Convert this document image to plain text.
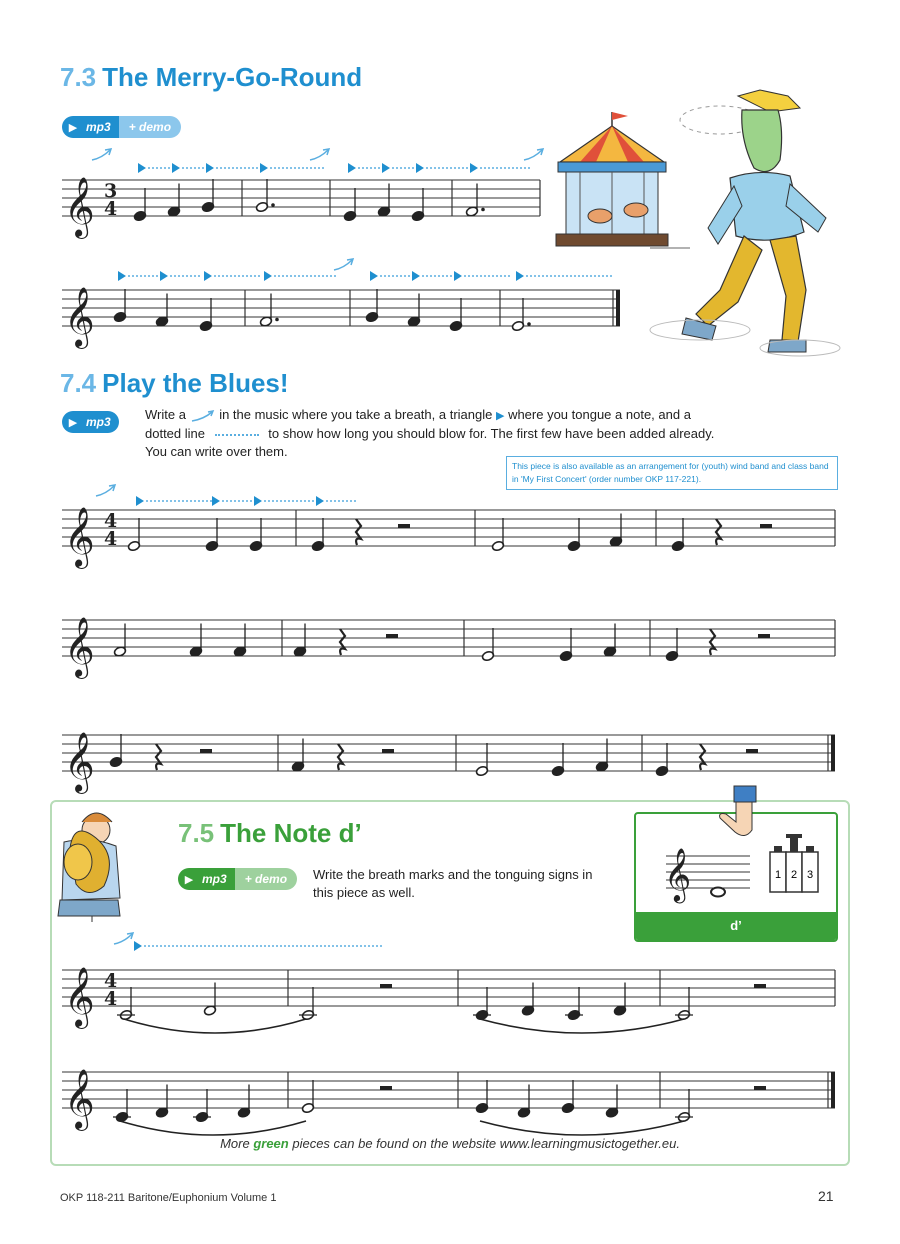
7.3 The Merry-Go-Round
▶ mp3	+ demo
7.4 Play the Blues!
▶ mp3	Write a	in the music where you take a breath, a triangle ▶ where you tongue a note, and a
dotted line	to show how long you should blow for. The first few have been added already.
You can write over them.
This piece is also available as an arrangement for (youth) wind band and class band in 'My First Concert' (order number OKP 117-221).
7.5 The Note d’
▶ mp3	+ demo	Write the breath marks and the tonguing signs in this piece as well.	𝄞	1 2 3
d’
More green pieces can be found on the website www.learningmusictogether.eu.
OKP 118-211 Baritone/Euphonium Volume 1	21
𝄞 3
4
𝄞
𝄞 4
4
𝄞
𝄞
𝄞 4
4
𝄞
